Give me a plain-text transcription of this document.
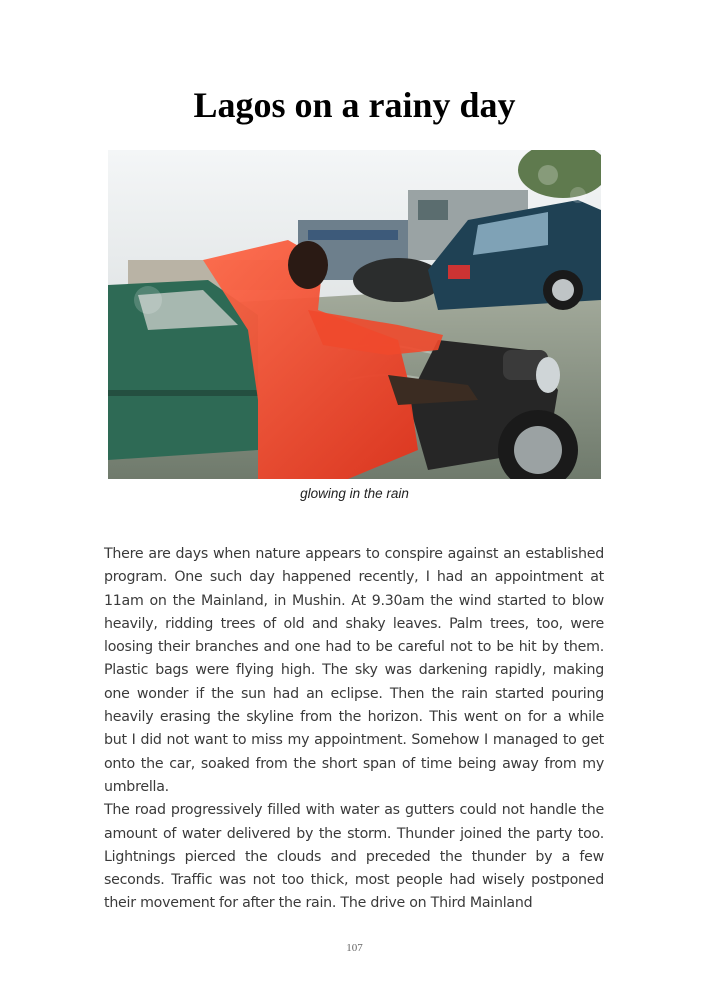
Lagos on a rainy day
glowing in the rain

There are days when nature appears to conspire against an established program. One such day happened recently, I had an appointment at 11am on the Mainland, in Mushin. At 9.30am the wind started to blow heavily, ridding trees of old and shaky leaves. Palm trees, too, were loosing their branches and one had to be careful not to be hit by them. Plastic bags were flying high. The sky was darkening rapidly, making one wonder if the sun had an eclipse. Then the rain started pouring heavily erasing the skyline from the horizon. This went on for a while but I did not want to miss my appointment. Somehow I managed to get onto the car, soaked from the short span of time being away from my umbrella.

The road progressively filled with water as gutters could not handle the amount of water delivered by the storm. Thunder joined the party too. Lightnings pierced the clouds and preceded the thunder by a few seconds. Traffic was not too thick, most people had wisely postponed their movement for after the rain. The drive on Third Mainland

107
